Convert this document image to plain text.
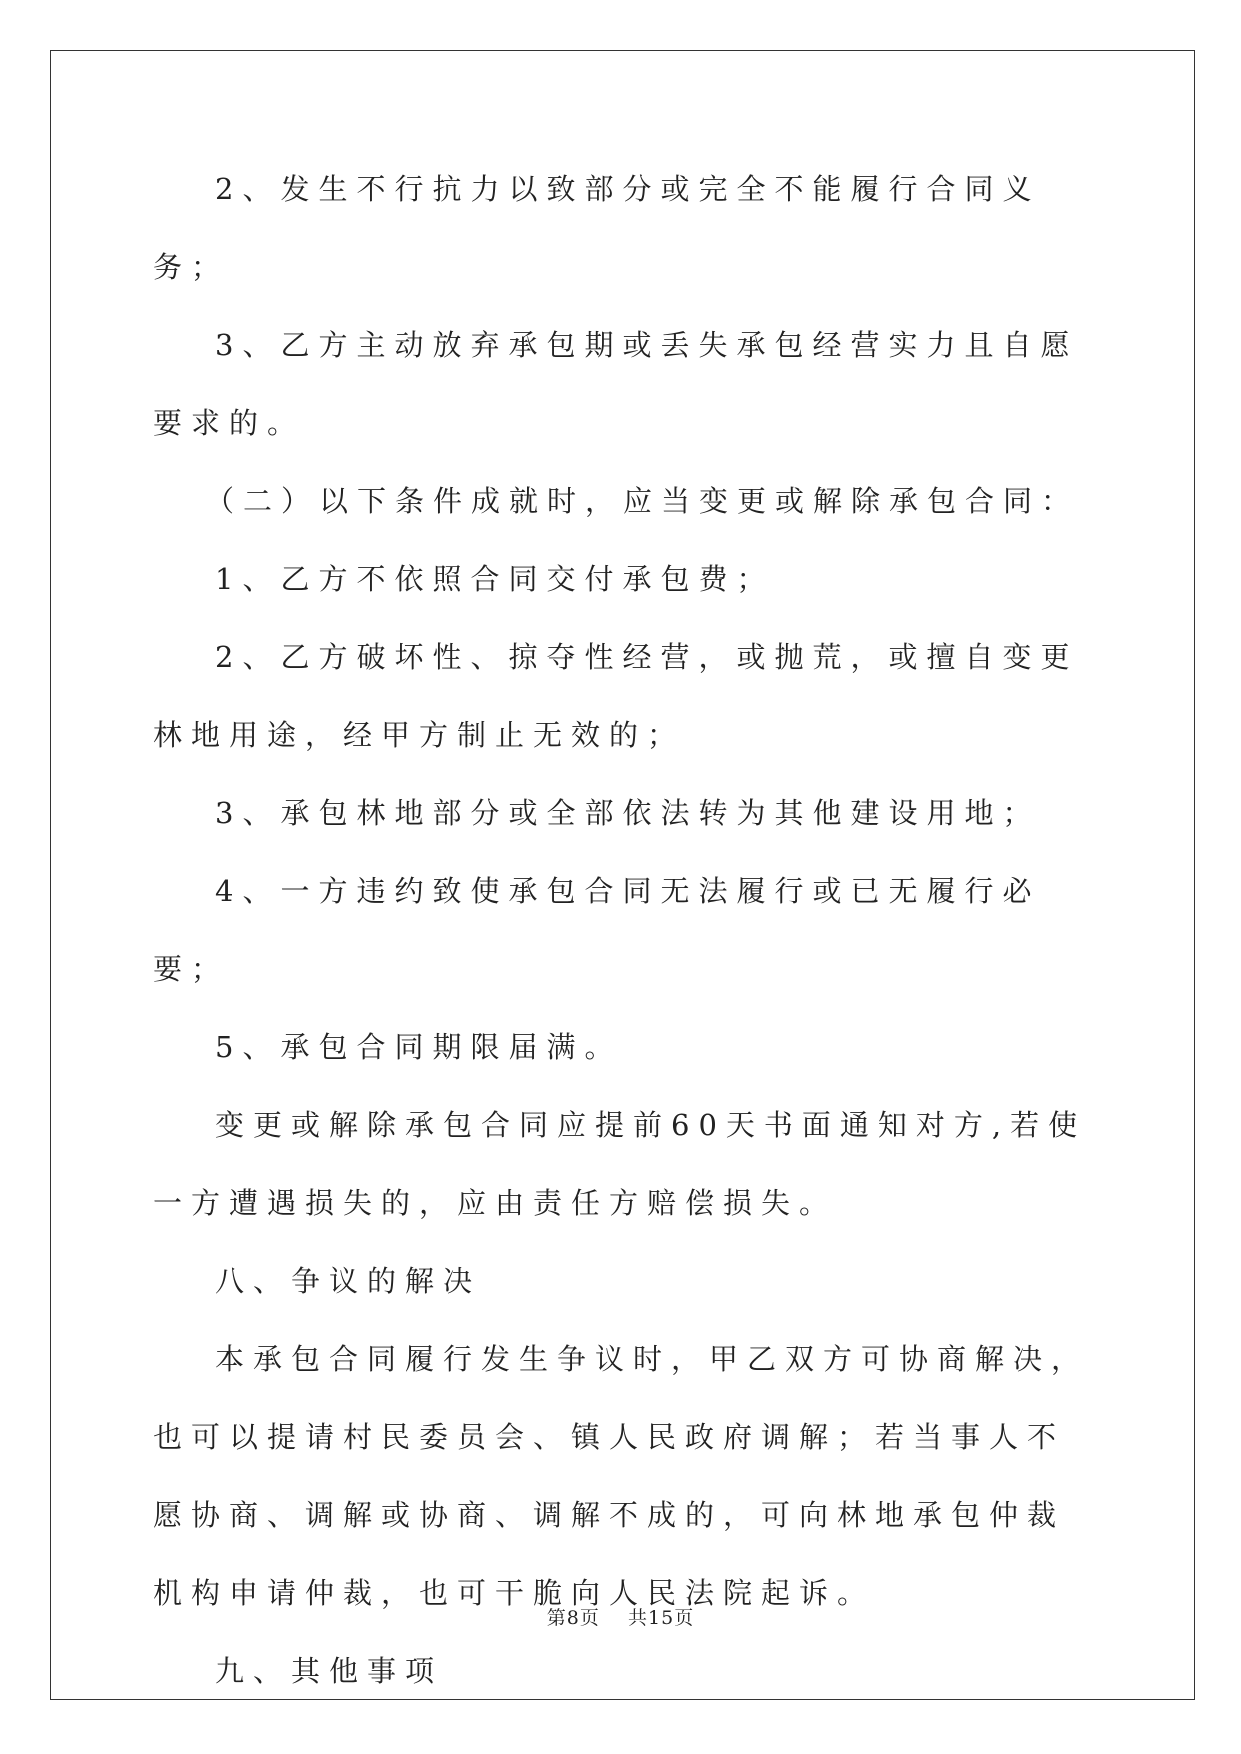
2、发生不行抗力以致部分或完全不能履行合同义务；

3、乙方主动放弃承包期或丢失承包经营实力且自愿要求的。

（二）以下条件成就时，应当变更或解除承包合同：

1、乙方不依照合同交付承包费；

2、乙方破坏性、掠夺性经营，或抛荒，或擅自变更林地用途，经甲方制止无效的；

3、承包林地部分或全部依法转为其他建设用地；

4、一方违约致使承包合同无法履行或已无履行必要；

5、承包合同期限届满。

变更或解除承包合同应提前60天书面通知对方,若使一方遭遇损失的，应由责任方赔偿损失。

八、争议的解决

本承包合同履行发生争议时，甲乙双方可协商解决，也可以提请村民委员会、镇人民政府调解；若当事人不愿协商、调解或协商、调解不成的，可向林地承包仲裁机构申请仲裁，也可干脆向人民法院起诉。

九、其他事项

第8页 共15页
